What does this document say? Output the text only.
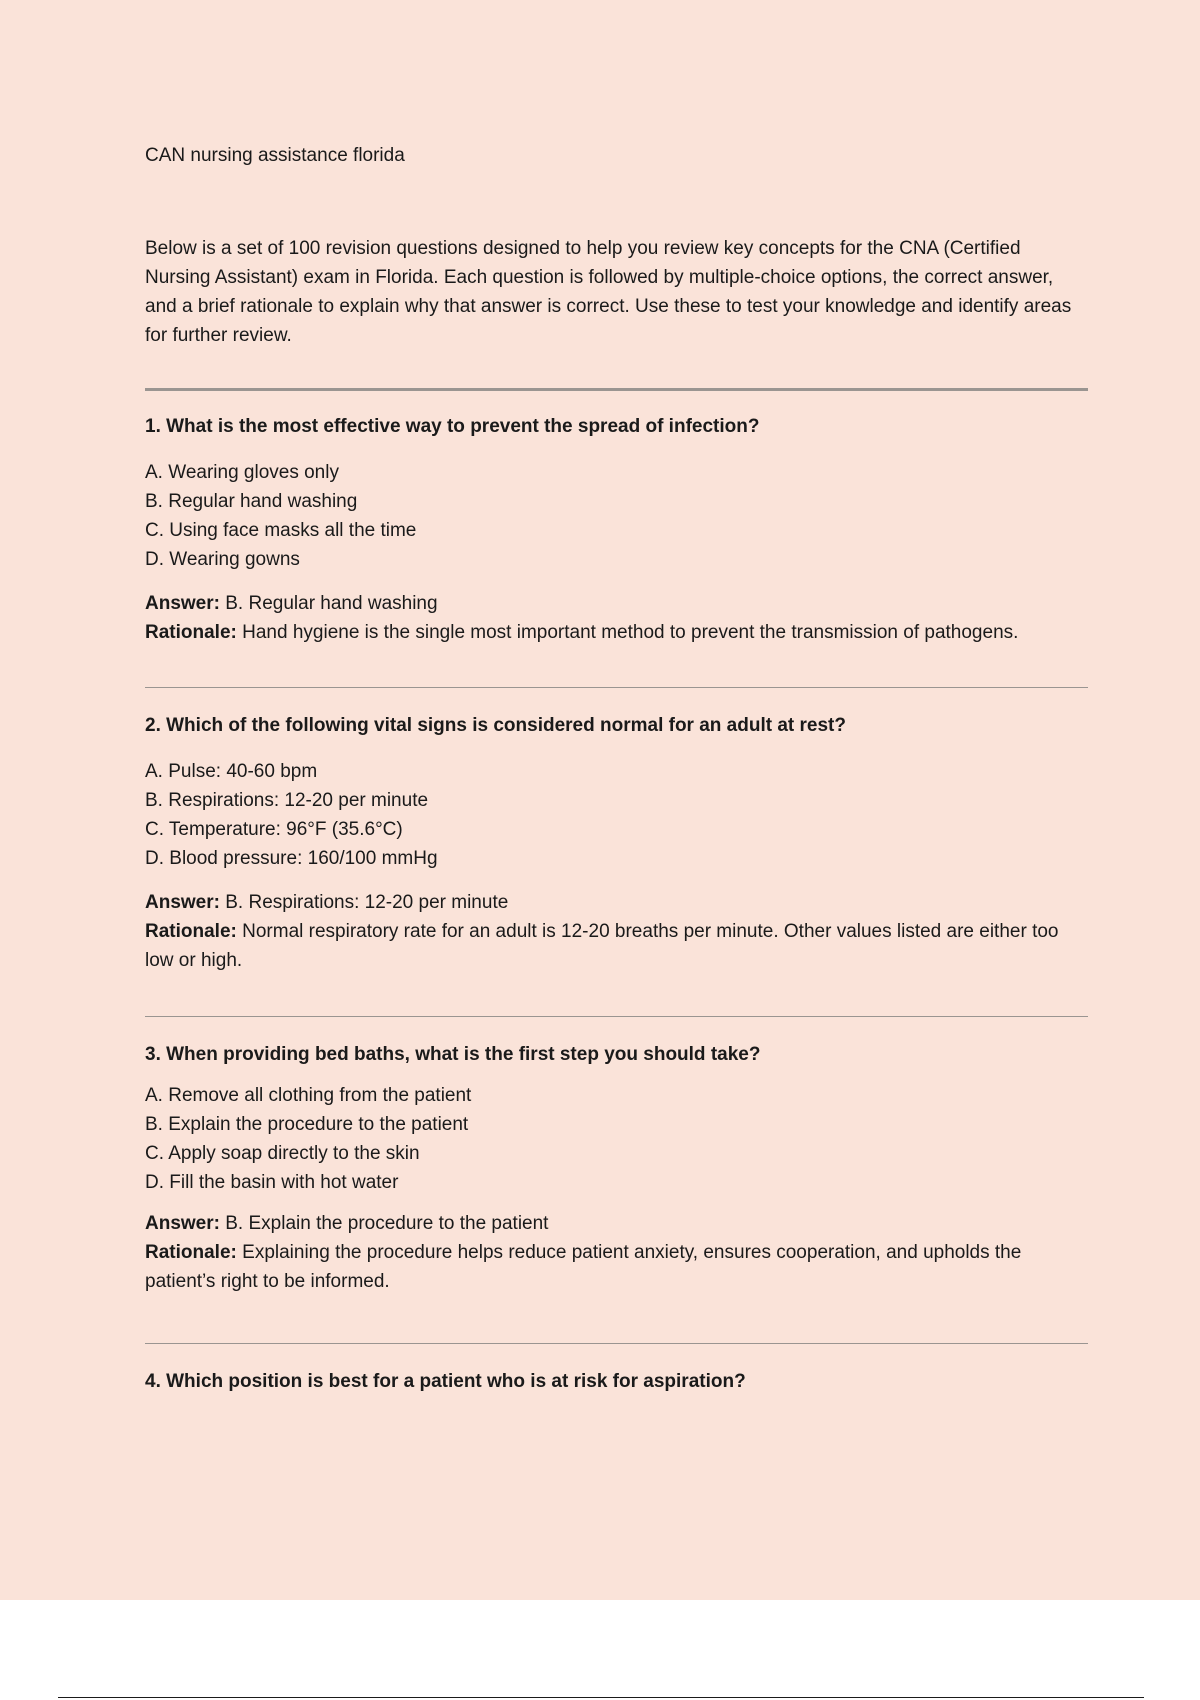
CAN nursing assistance florida
Below is a set of 100 revision questions designed to help you review key concepts for the CNA (Certified Nursing Assistant) exam in Florida. Each question is followed by multiple-choice options, the correct answer, and a brief rationale to explain why that answer is correct. Use these to test your knowledge and identify areas for further review.

1. What is the most effective way to prevent the spread of infection?

A. Wearing gloves only
B. Regular hand washing
C. Using face masks all the time
D. Wearing gowns
Answer: B. Regular hand washing
Rationale: Hand hygiene is the single most important method to prevent the transmission of pathogens.

2. Which of the following vital signs is considered normal for an adult at rest?

A. Pulse: 40-60 bpm
B. Respirations: 12-20 per minute
C. Temperature: 96°F (35.6°C)
D. Blood pressure: 160/100 mmHg
Answer: B. Respirations: 12-20 per minute
Rationale: Normal respiratory rate for an adult is 12-20 breaths per minute. Other values listed are either too low or high.

3. When providing bed baths, what is the first step you should take?

A. Remove all clothing from the patient
B. Explain the procedure to the patient
C. Apply soap directly to the skin
D. Fill the basin with hot water
Answer: B. Explain the procedure to the patient
Rationale: Explaining the procedure helps reduce patient anxiety, ensures cooperation, and upholds the patient’s right to be informed.

4. Which position is best for a patient who is at risk for aspiration?
